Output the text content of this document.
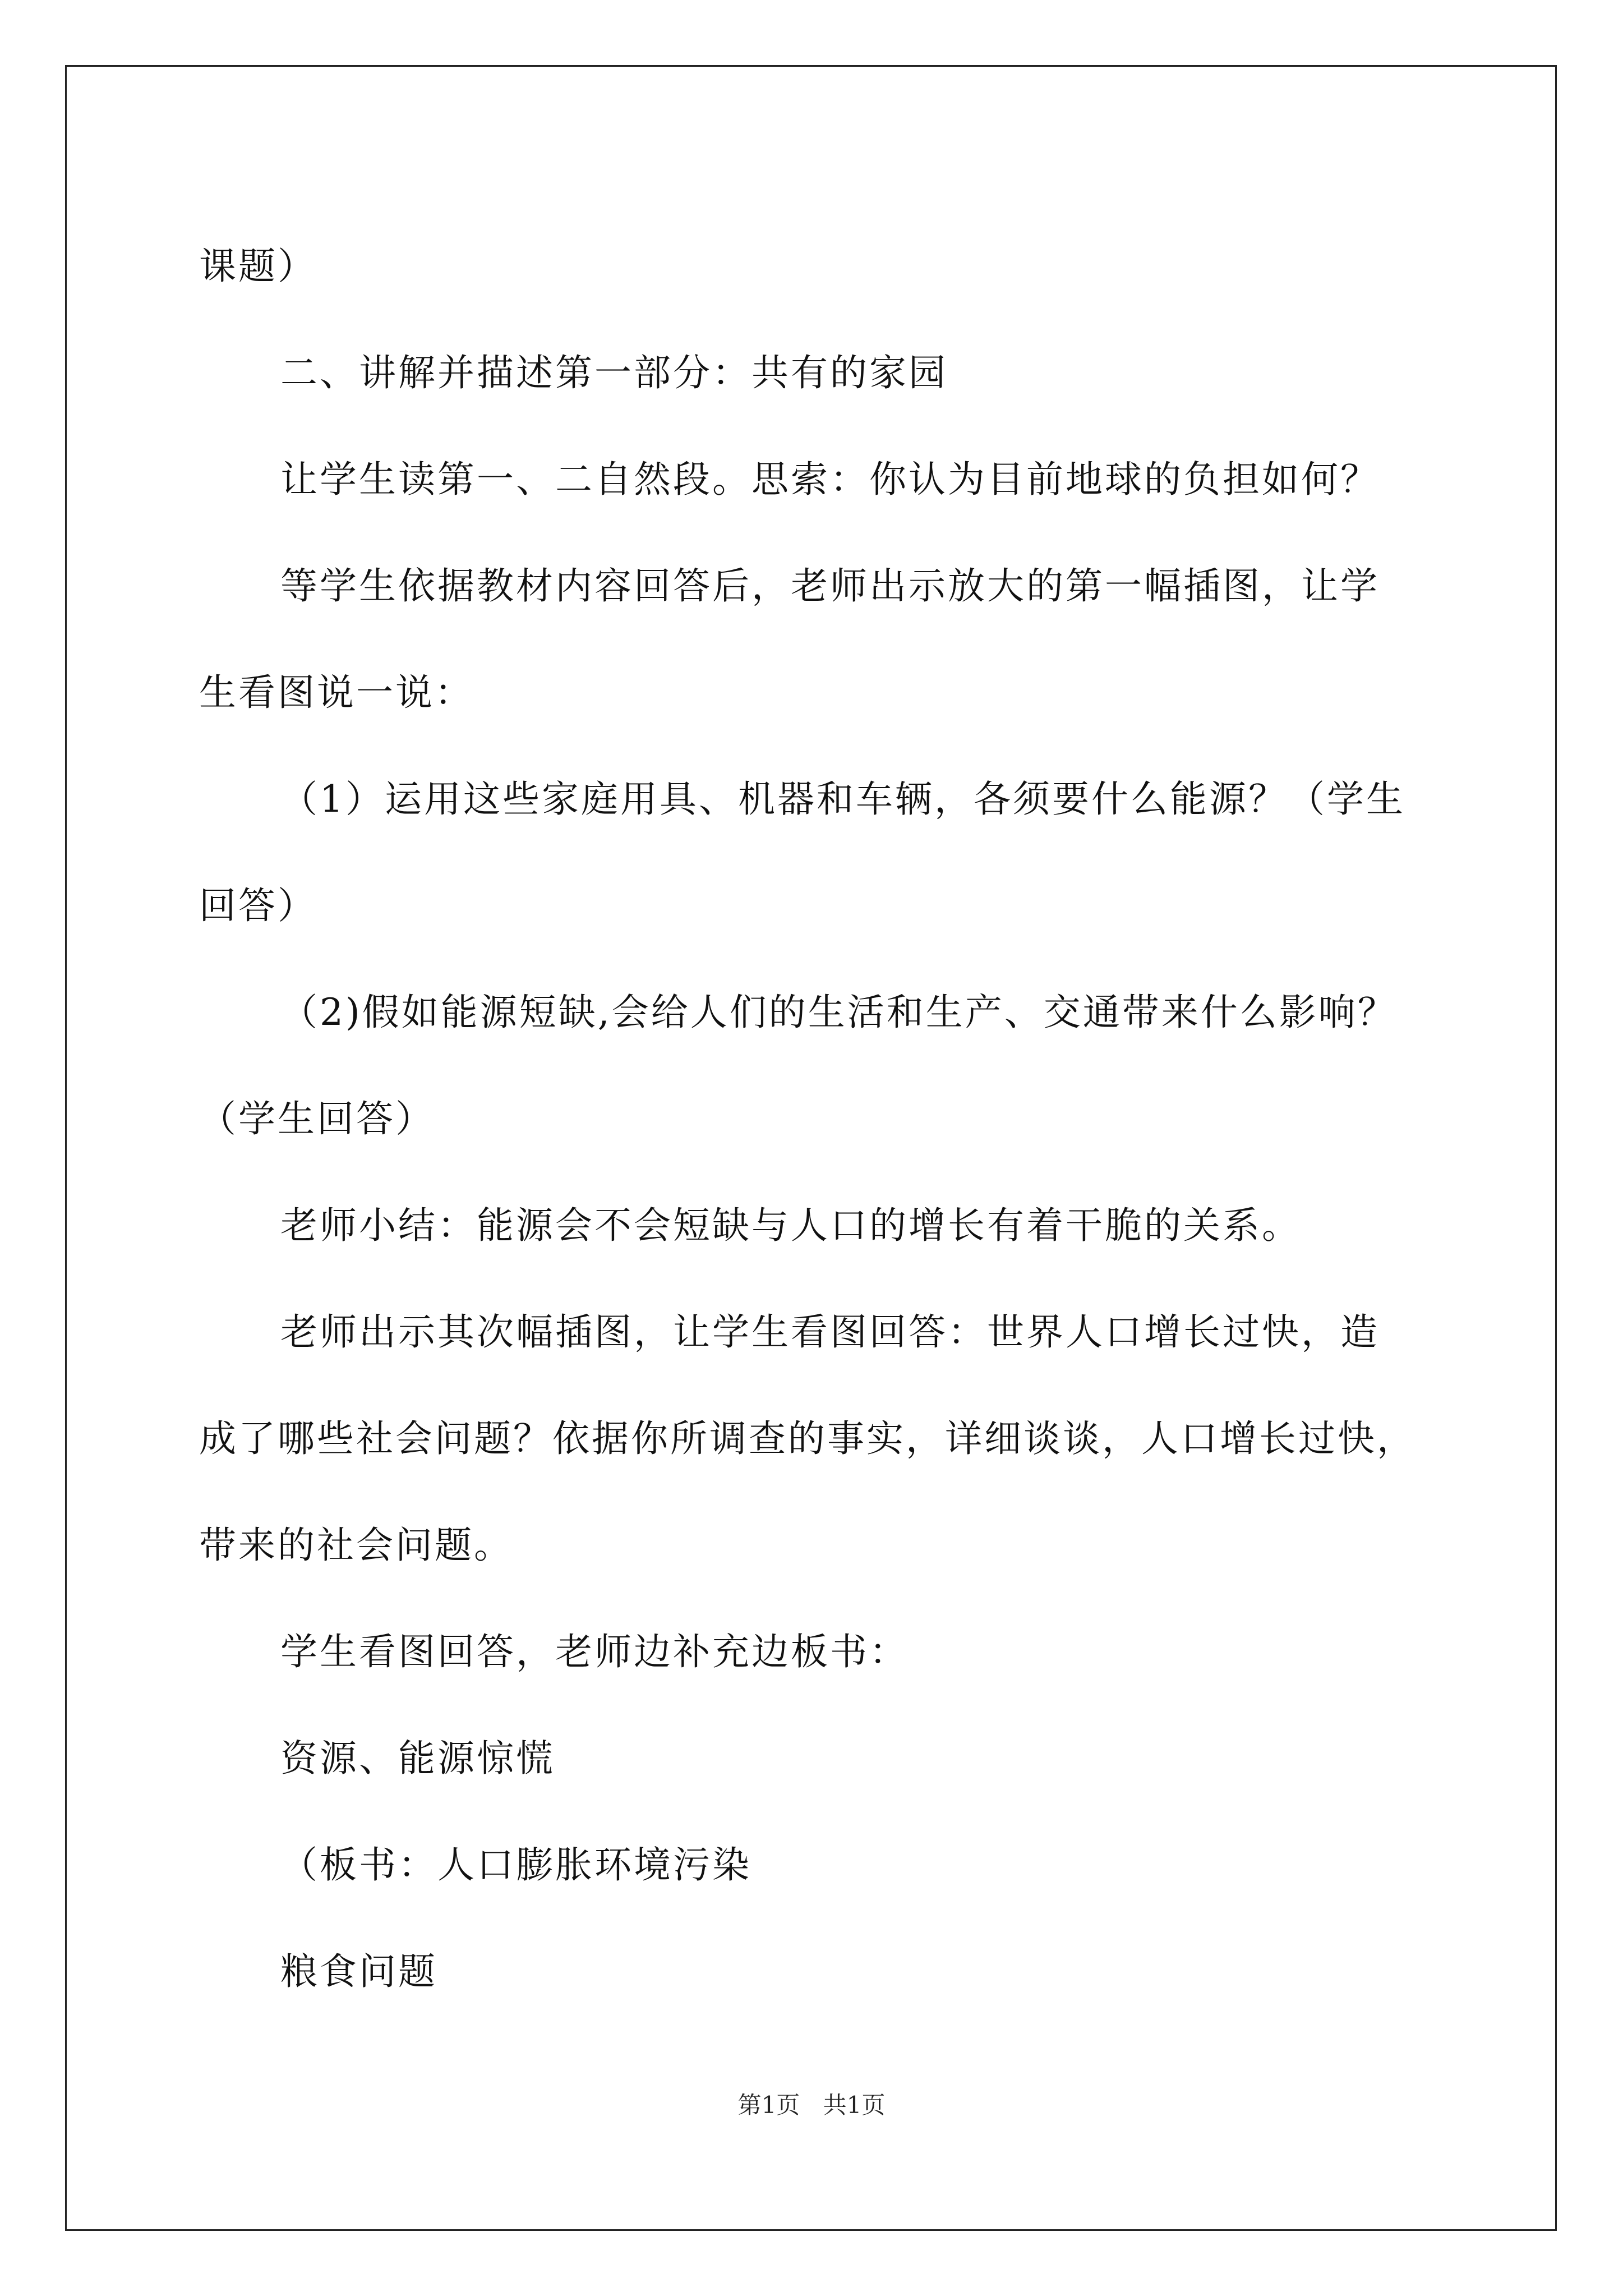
课题）
二、讲解并描述第一部分：共有的家园
让学生读第一、二自然段。思索：你认为目前地球的负担如何？
等学生依据教材内容回答后，老师出示放大的第一幅插图，让学
生看图说一说：
（1）运用这些家庭用具、机器和车辆，各须要什么能源？（学生
回答）
（2)假如能源短缺,会给人们的生活和生产、交通带来什么影响？
（学生回答）
老师小结：能源会不会短缺与人口的增长有着干脆的关系。
老师出示其次幅插图，让学生看图回答：世界人口增长过快，造
成了哪些社会问题？依据你所调查的事实，详细谈谈，人口增长过快，
带来的社会问题。
学生看图回答，老师边补充边板书：
资源、能源惊慌
（板书：人口膨胀环境污染
粮食问题
第1页 共1页
